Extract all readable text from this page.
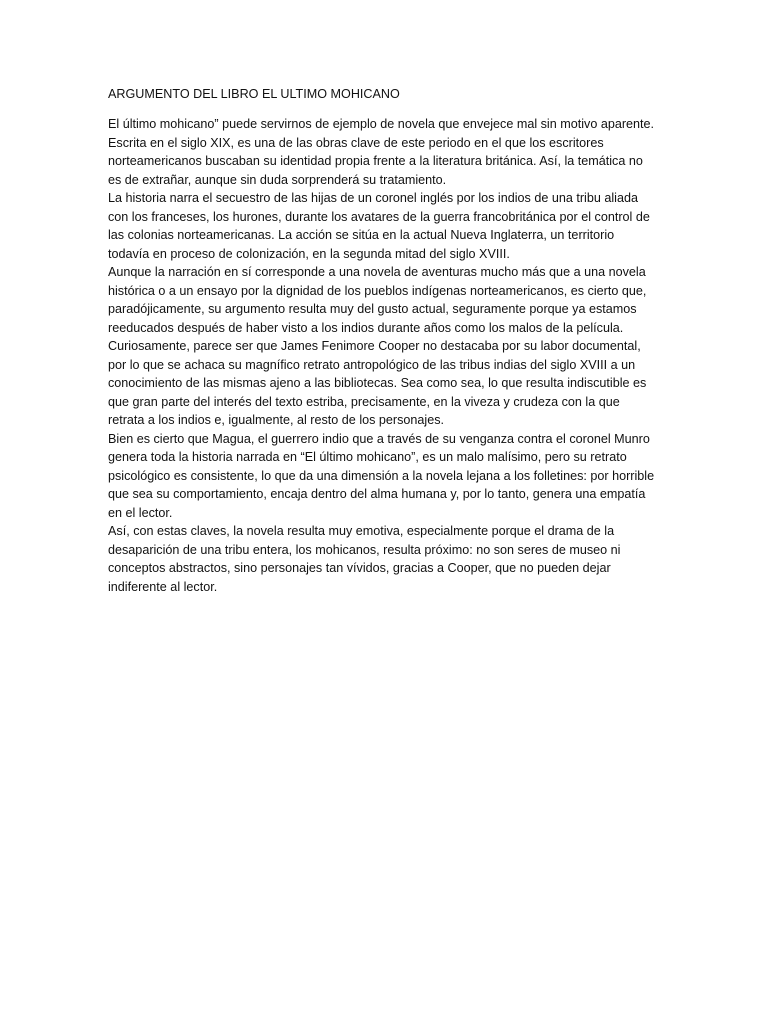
ARGUMENTO DEL LIBRO EL ULTIMO MOHICANO

El último mohicano” puede servirnos de ejemplo de novela que envejece mal sin motivo aparente. Escrita en el siglo XIX, es una de las obras clave de este periodo en el que los escritores norteamericanos buscaban su identidad propia frente a la literatura británica. Así, la temática no es de extrañar, aunque sin duda sorprenderá su tratamiento.

La historia narra el secuestro de las hijas de un coronel inglés por los indios de una tribu aliada con los franceses, los hurones, durante los avatares de la guerra francobritánica por el control de las colonias norteamericanas. La acción se sitúa en la actual Nueva Inglaterra, un territorio todavía en proceso de colonización, en la segunda mitad del siglo XVIII.

Aunque la narración en sí corresponde a una novela de aventuras mucho más que a una novela histórica o a un ensayo por la dignidad de los pueblos indígenas norteamericanos, es cierto que, paradójicamente, su argumento resulta muy del gusto actual, seguramente porque ya estamos reeducados después de haber visto a los indios durante años como los malos de la película.

Curiosamente, parece ser que James Fenimore Cooper no destacaba por su labor documental, por lo que se achaca su magnífico retrato antropológico de las tribus indias del siglo XVIII a un conocimiento de las mismas ajeno a las bibliotecas. Sea como sea, lo que resulta indiscutible es que gran parte del interés del texto estriba, precisamente, en la viveza y crudeza con la que retrata a los indios e, igualmente, al resto de los personajes.

Bien es cierto que Magua, el guerrero indio que a través de su venganza contra el coronel Munro genera toda la historia narrada en “El último mohicano”, es un malo malísimo, pero su retrato psicológico es consistente, lo que da una dimensión a la novela lejana a los folletines: por horrible que sea su comportamiento, encaja dentro del alma humana y, por lo tanto, genera una empatía en el lector.

Así, con estas claves, la novela resulta muy emotiva, especialmente porque el drama de la desaparición de una tribu entera, los mohicanos, resulta próximo: no son seres de museo ni conceptos abstractos, sino personajes tan vívidos, gracias a Cooper, que no pueden dejar indiferente al lector.
